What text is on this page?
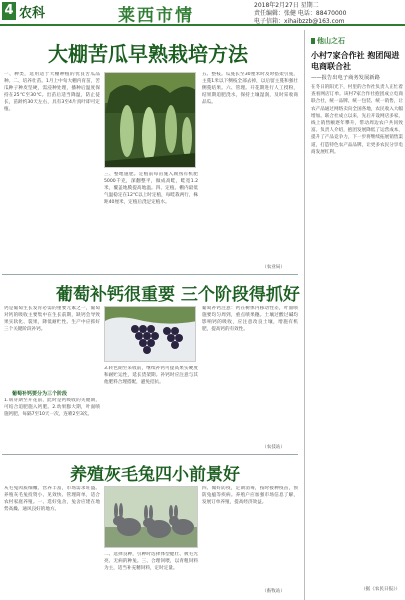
4 农科	莱西市情
2018年2月27日 星期二
责任编辑：张健 电话：88470000
电子信箱：xihaibzzb@163.com
大棚苦瓜早熟栽培方法
一、种类，选用适于大棚种植的优良苦瓜品种。二、培养壮苗。1月上中旬大棚内育苗，苦瓜种子种皮坚硬，需浸种处理，播种后温度保持在25℃至30℃。出苗后适当降温，防止徒长，苗龄约30天左右，具有3至4片真叶即可定植。
三、整地施肥。定植前每亩施入腐熟有机肥5000千克，深翻整平，做成高畦，畦宽1.2米，覆盖地膜提高地温。四、定植。棚内最低气温稳定在12℃以上时定植，每畦栽两行，株距40厘米，定植后浇足定植水。
五、整枝。瓜蔓长至30厘米时及时搭架引蔓，主蔓1米以下侧枝全部去掉，以后留主蔓和强壮侧蔓结果。六、管理。开花期进行人工授粉，结果期追肥浇水，保持土壤湿润，及时采收商品瓜。
（农业局）
葡萄补钙很重要 三个阶段得抓好
钙是葡萄生长发育必需的重要元素之一，葡萄对钙的吸收主要集中在生长前期，缺钙会导致果实软化、裂果，降低耐贮性。生产中应抓好三个关键阶段补钙。
葡萄补钙要分为三个阶段
1.萌芽期至开花前，此时是钙吸收的关键期，可结合追肥施入钙肥。2.幼果膨大期，叶面喷施钙肥，每隔7至10天一次，连喷2至3次。
3.转色期至采收前，继续补钙可提高果实硬度和耐贮运性，延长货架期。补钙时应注意与其他肥料合理搭配，避免拮抗。
葡萄补钙注意：钙在树体内移动性差，叶面喷施要均匀周到，重点喷果穗。土壤过酸过碱均影响钙的吸收，应注意改良土壤，增施有机肥，提高钙的有效性。
（农技站）
养殖灰毛兔四小前景好
灰毛兔肉质细嫩、营养丰富，市场需求旺盛。养殖灰毛兔投资小、见效快、管理简单，适合农村家庭养殖。一、选好兔舍，兔舍应建在地势高燥、通风良好的地方。
二、选择良种，引种时选择体型健壮、被毛光亮、无病的种兔。三、合理饲喂，以青粗饲料为主，适当补充精饲料，定时定量。
四、做好防疫，定期消毒，按时接种疫苗，预防兔瘟等疾病。养殖户应加强市场信息了解，发展订单养殖，提高经济效益。
（畜牧站）
他山之石
小村7家合作社 抱团闯进电商联合社
——报告出电子商务发展新路
在冬日的阳光下，村里的合作社负责人正忙着查看网店订单。该村7家合作社抱团成立电商联合社，统一品牌、统一包装、统一销售，让农产品通过网络卖向全国各地，农民收入大幅增加。联合社成立以来，先后开设网店多家，线上销售额逐年攀升，带动周边农户共同致富。负责人介绍，抱团发展降低了运营成本，提升了产品竞争力，下一步将继续拓展销售渠道，打造特色农产品品牌，让更多农民分享电商发展红利。
（据《农民日报》）
